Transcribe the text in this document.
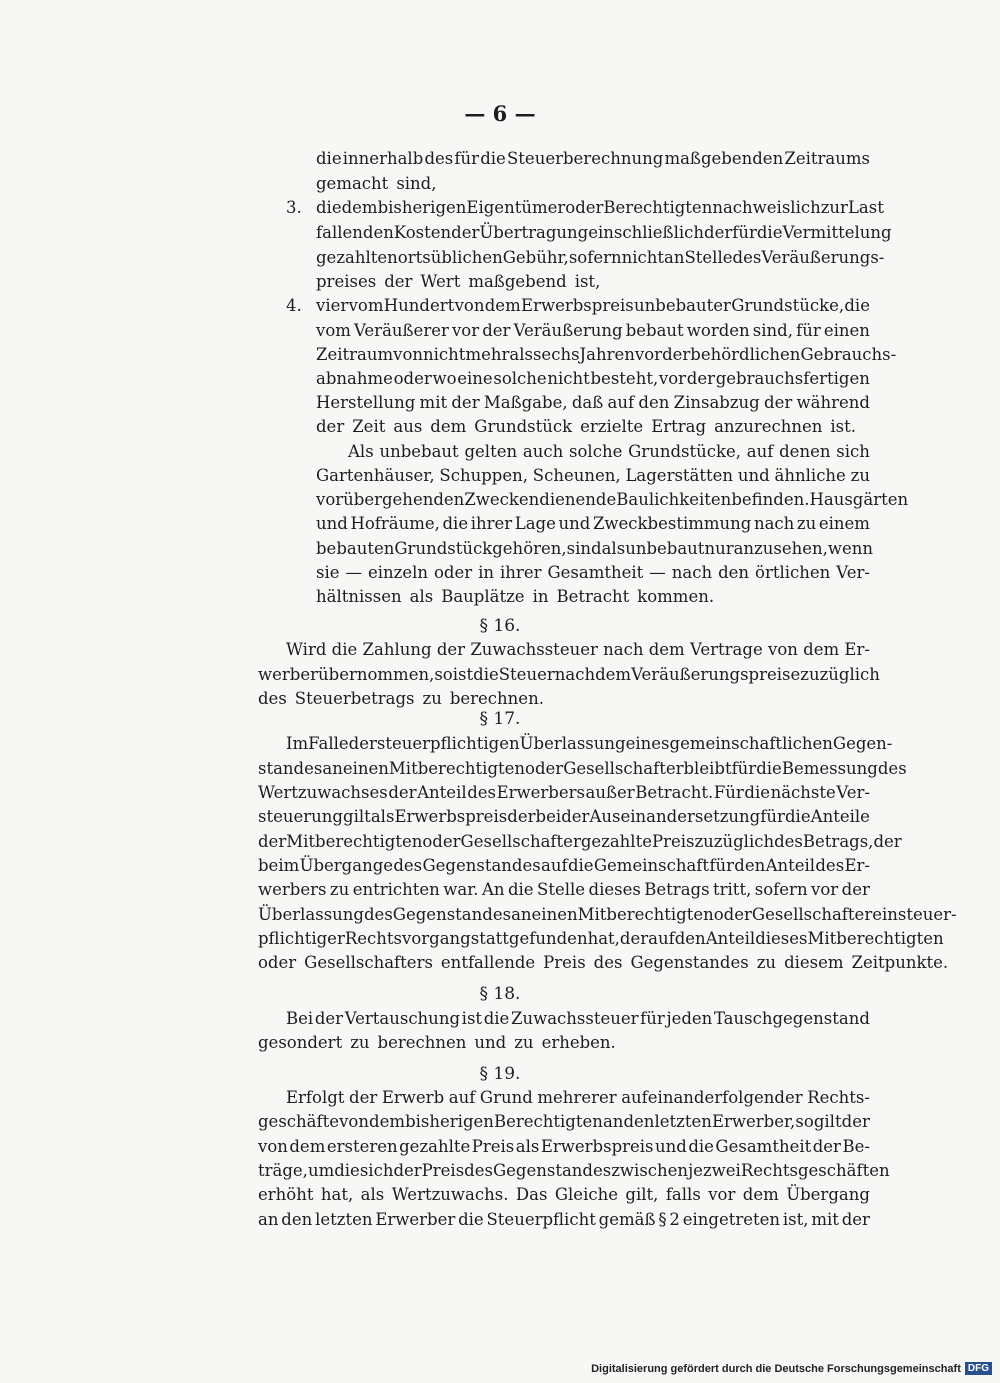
— 6 —
die innerhalb des für die Steuerberechnung maßgebenden Zeitraums
gemacht sind,
3. die dem bisherigen Eigentümer oder Berechtigten nachweislich zur Last
fallenden Kosten der Übertragung einschließlich der für die Vermittelung
gezahlten ortsüblichen Gebühr, sofern nicht an Stelle des Veräußerungs-
preises der Wert maßgebend ist,
4. vier vom Hundert von dem Erwerbspreis unbebauter Grundstücke, die
vom Veräußerer vor der Veräußerung bebaut worden sind, für einen
Zeitraum von nicht mehr als sechs Jahren vor der behördlichen Gebrauchs-
abnahme oder wo eine solche nicht besteht, vor der gebrauchsfertigen
Herstellung mit der Maßgabe, daß auf den Zinsabzug der während
der Zeit aus dem Grundstück erzielte Ertrag anzurechnen ist.
Als unbebaut gelten auch solche Grundstücke, auf denen sich
Gartenhäuser, Schuppen, Scheunen, Lagerstätten und ähnliche zu
vorübergehenden Zwecken dienende Baulichkeiten befinden. Hausgärten
und Hofräume, die ihrer Lage und Zweckbestimmung nach zu einem
bebauten Grundstück gehören, sind als unbebaut nur anzusehen, wenn
sie — einzeln oder in ihrer Gesamtheit — nach den örtlichen Ver-
hältnissen als Bauplätze in Betracht kommen.
§ 16.
Wird die Zahlung der Zuwachssteuer nach dem Vertrage von dem Er-
werber übernommen, so ist die Steuer nach dem Veräußerungspreise zuzüglich
des Steuerbetrags zu berechnen.
§ 17.
Im Falle der steuerpflichtigen Überlassung eines gemeinschaftlichen Gegen-
standes an einen Mitberechtigten oder Gesellschafter bleibt für die Bemessung des
Wertzuwachses der Anteil des Erwerbers außer Betracht. Für die nächste Ver-
steuerung gilt als Erwerbspreis der bei der Auseinandersetzung für die Anteile
der Mitberechtigten oder Gesellschafter gezahlte Preis zuzüglich des Betrags, der
beim Übergange des Gegenstandes auf die Gemeinschaft für den Anteil des Er-
werbers zu entrichten war. An die Stelle dieses Betrags tritt, sofern vor der
Überlassung des Gegenstandes an einen Mitberechtigten oder Gesellschafter ein steuer-
pflichtiger Rechtsvorgang stattgefunden hat, der auf den Anteil dieses Mitberechtigten
oder Gesellschafters entfallende Preis des Gegenstandes zu diesem Zeitpunkte.
§ 18.
Bei der Vertauschung ist die Zuwachssteuer für jeden Tauschgegenstand
gesondert zu berechnen und zu erheben.
§ 19.
Erfolgt der Erwerb auf Grund mehrerer aufeinanderfolgender Rechts-
geschäfte von dem bisherigen Berechtigten an den letzten Erwerber, so gilt der
von dem ersteren gezahlte Preis als Erwerbspreis und die Gesamtheit der Be-
träge, um die sich der Preis des Gegenstandes zwischen je zwei Rechtsgeschäften
erhöht hat, als Wertzuwachs. Das Gleiche gilt, falls vor dem Übergang
an den letzten Erwerber die Steuerpflicht gemäß § 2 eingetreten ist, mit der
Digitalisierung gefördert durch die Deutsche Forschungsgemeinschaft DFG
